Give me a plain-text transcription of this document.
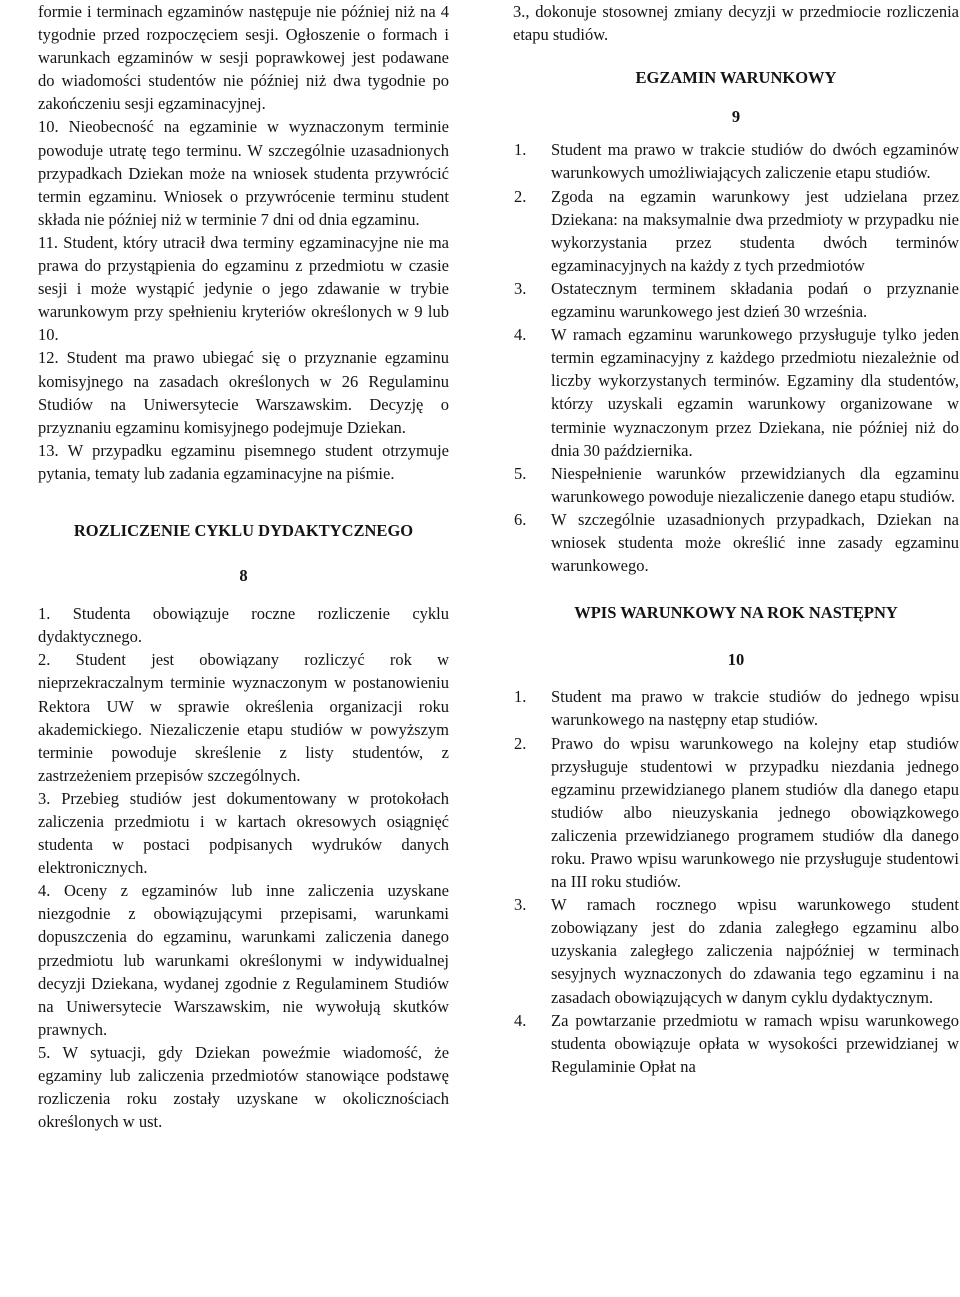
formie i terminach egzaminów następuje nie później niż na 4 tygodnie przed rozpoczęciem sesji. Ogłoszenie o formach i warunkach egzaminów w sesji poprawkowej jest podawane do wiadomości studentów nie później niż dwa tygodnie po zakończeniu sesji egzaminacyjnej.

10. Nieobecność na egzaminie w wyznaczonym terminie powoduje utratę tego terminu. W szczególnie uzasadnionych przypadkach Dziekan może na wniosek studenta przywrócić termin egzaminu. Wniosek o przywrócenie terminu student składa nie później niż w terminie 7 dni od dnia egzaminu.
11. Student, który utracił dwa terminy egzaminacyjne nie ma prawa do przystąpienia do egzaminu z przedmiotu w czasie sesji i może wystąpić jedynie o jego zdawanie w trybie warunkowym przy spełnieniu kryteriów określonych w 9 lub 10.
12. Student ma prawo ubiegać się o przyznanie egzaminu komisyjnego na zasadach określonych w 26 Regulaminu Studiów na Uniwersytecie Warszawskim. Decyzję o przyznaniu egzaminu komisyjnego podejmuje Dziekan.
13. W przypadku egzaminu pisemnego student otrzymuje pytania, tematy lub zadania egzaminacyjne na piśmie.

ROZLICZENIE CYKLU DYDAKTYCZNEGO

8

1. Studenta obowiązuje roczne rozliczenie cyklu dydaktycznego.
2. Student jest obowiązany rozliczyć rok w nieprzekraczalnym terminie wyznaczonym w postanowieniu Rektora UW w sprawie określenia organizacji roku akademickiego. Niezaliczenie etapu studiów w powyższym terminie powoduje skreślenie z listy studentów, z zastrzeżeniem przepisów szczególnych.
3. Przebieg studiów jest dokumentowany w protokołach zaliczenia przedmiotu i w kartach okresowych osiągnięć studenta w postaci podpisanych wydruków danych elektronicznych.
4. Oceny z egzaminów lub inne zaliczenia uzyskane niezgodnie z obowiązującymi przepisami, warunkami dopuszczenia do egzaminu, warunkami zaliczenia danego przedmiotu lub warunkami określonymi w indywidualnej decyzji Dziekana, wydanej zgodnie z Regulaminem Studiów na Uniwersytecie Warszawskim, nie wywołują skutków prawnych.
5. W sytuacji, gdy Dziekan poweźmie wiadomość, że egzaminy lub zaliczenia przedmiotów stanowiące podstawę rozliczenia roku zostały uzyskane w okolicznościach określonych w ust.

3., dokonuje stosownej zmiany decyzji w przedmiocie rozliczenia etapu studiów.

EGZAMIN WARUNKOWY

9

1.	Student ma prawo w trakcie studiów do dwóch egzaminów warunkowych umożliwiających zaliczenie etapu studiów.
2.	Zgoda na egzamin warunkowy jest udzielana przez Dziekana: na maksymalnie dwa przedmioty w przypadku nie wykorzystania przez studenta dwóch terminów egzaminacyjnych na każdy z tych przedmiotów
3.	Ostatecznym terminem składania podań o przyznanie egzaminu warunkowego jest dzień 30 września.
4.	W ramach egzaminu warunkowego przysługuje tylko jeden termin egzaminacyjny z każdego przedmiotu niezależnie od liczby wykorzystanych terminów. Egzaminy dla studentów, którzy uzyskali egzamin warunkowy organizowane w terminie wyznaczonym przez Dziekana, nie później niż do dnia 30 października.
5.	Niespełnienie warunków przewidzianych dla egzaminu warunkowego powoduje niezaliczenie danego etapu studiów.
6.	W szczególnie uzasadnionych przypadkach, Dziekan na wniosek studenta może określić inne zasady egzaminu warunkowego.

WPIS WARUNKOWY NA ROK NASTĘPNY

10

1.	Student ma prawo w trakcie studiów do jednego wpisu warunkowego na następny etap studiów.
2.	Prawo do wpisu warunkowego na kolejny etap studiów przysługuje studentowi w przypadku niezdania jednego egzaminu przewidzianego planem studiów dla danego etapu studiów albo nieuzyskania jednego obowiązkowego zaliczenia przewidzianego programem studiów dla danego roku. Prawo wpisu warunkowego nie przysługuje studentowi na III roku studiów.
3.	W ramach rocznego wpisu warunkowego student zobowiązany jest do zdania zaległego egzaminu albo uzyskania zaległego zaliczenia najpóźniej w terminach sesyjnych wyznaczonych do zdawania tego egzaminu i na zasadach obowiązujących w danym cyklu dydaktycznym.
4.	Za powtarzanie przedmiotu w ramach wpisu warunkowego studenta obowiązuje opłata w wysokości przewidzianej w Regulaminie Opłat na
